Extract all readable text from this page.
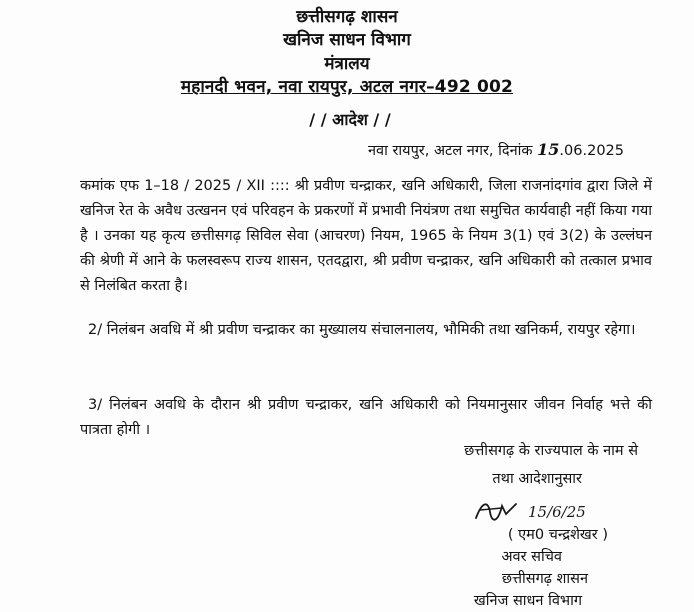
छत्तीसगढ़ शासन
खनिज साधन विभाग
मंत्रालय
महानदी भवन, नवा रायपुर, अटल नगर–492 002
/ / आदेश / /
नवा रायपुर, अटल नगर, दिनांक 15.06.2025
कमांक एफ 1–18 / 2025 / XII :::: श्री प्रवीण चन्द्राकर, खनि अधिकारी, जिला राजनांदगांव द्वारा जिले में खनिज रेत के अवैध उत्खनन एवं परिवहन के प्रकरणों में प्रभावी नियंत्रण तथा समुचित कार्यवाही नहीं किया गया है । उनका यह कृत्य छत्तीसगढ़ सिविल सेवा (आचरण) नियम, 1965 के नियम 3(1) एवं 3(2) के उल्लंघन की श्रेणी में आने के फलस्वरूप राज्य शासन, एतदद्वारा, श्री प्रवीण चन्द्राकर, खनि अधिकारी को तत्काल प्रभाव से निलंबित करता है।
2/ निलंबन अवधि में श्री प्रवीण चन्द्राकर का मुख्यालय संचालनालय, भौमिकी तथा खनिकर्म, रायपुर रहेगा।
3/ निलंबन अवधि के दौरान श्री प्रवीण चन्द्राकर, खनि अधिकारी को नियमानुसार जीवन निर्वाह भत्ते की पात्रता होगी ।
छत्तीसगढ़ के राज्यपाल के नाम से
तथा आदेशानुसार
15/6/25
( एम0 चन्द्रशेखर )
अवर सचिव
छत्तीसगढ़ शासन
खनिज साधन विभाग
